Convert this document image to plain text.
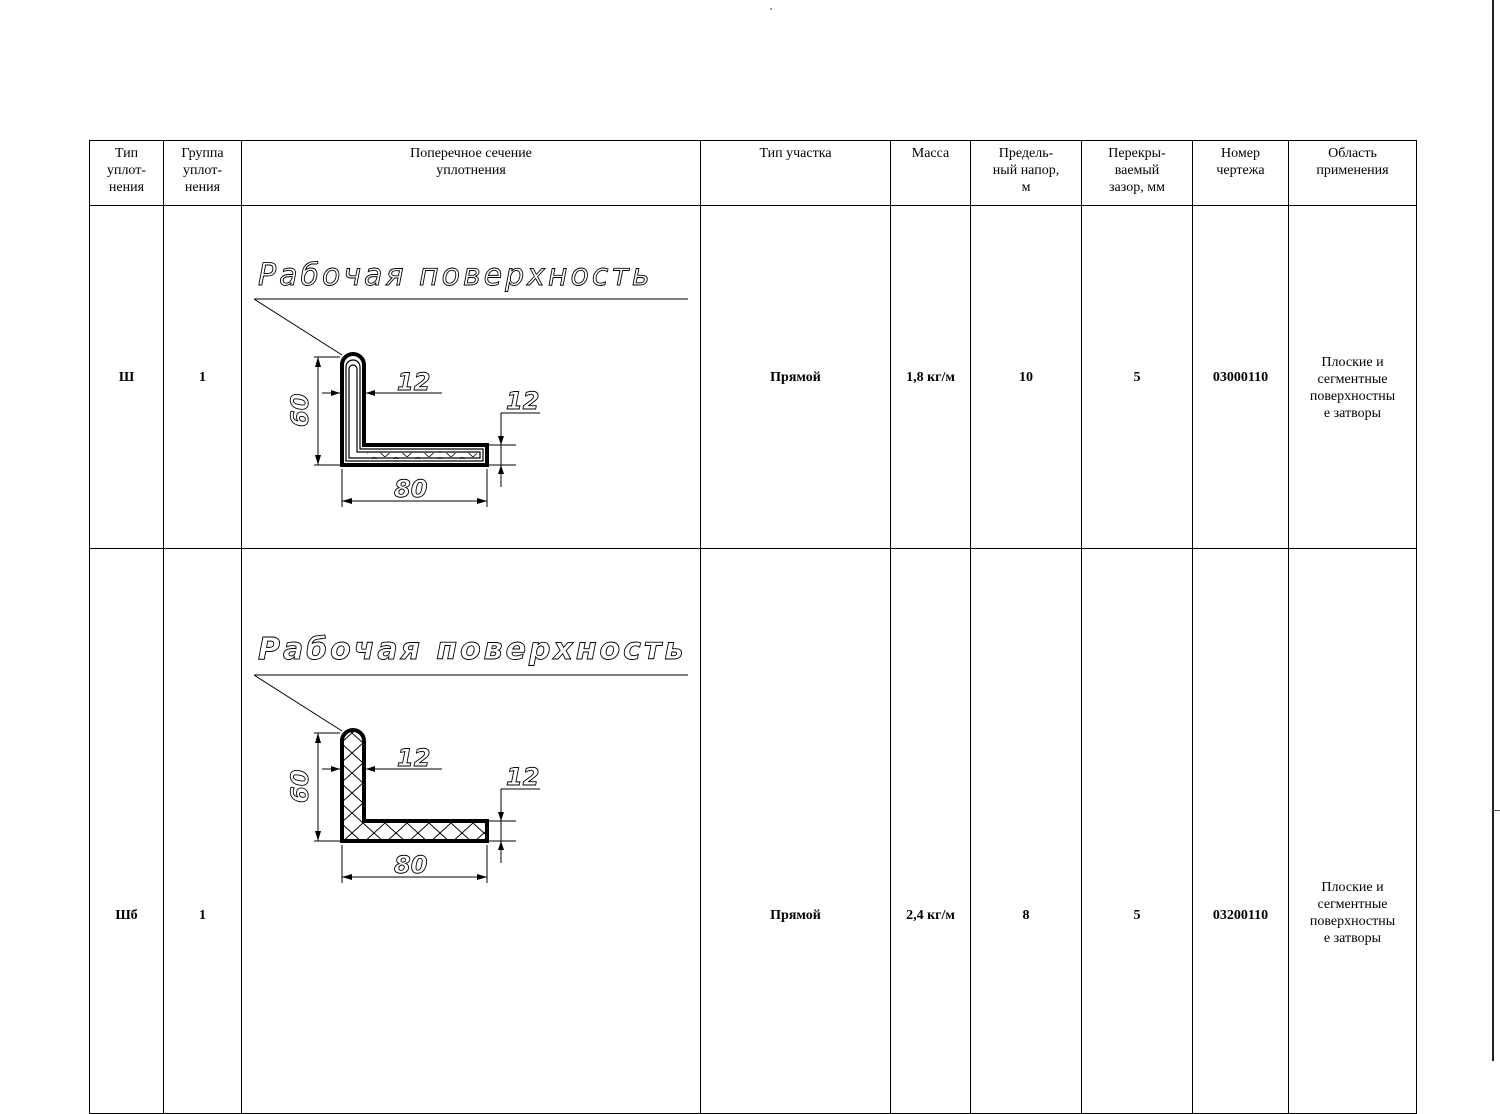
Тип
уплот-
нения	Группа
уплот-
нения	Поперечное сечение
уплотнения	Тип участка	Масса	Предель-
ный напор,
м	Перекры-
ваемый
зазор, мм	Номер
чертежа	Область
применения

Ш	1	Рабочая поверхность
60
12
12
80	Прямой	1,8 кг/м	10	5	03000110	Плоские и
сегментные
поверхностны
е затворы

Шб	1	Рабочая поверхность
60
12
12
80	Прямой	2,4 кг/м	8	5	03200110	Плоские и
сегментные
поверхностны
е затворы
